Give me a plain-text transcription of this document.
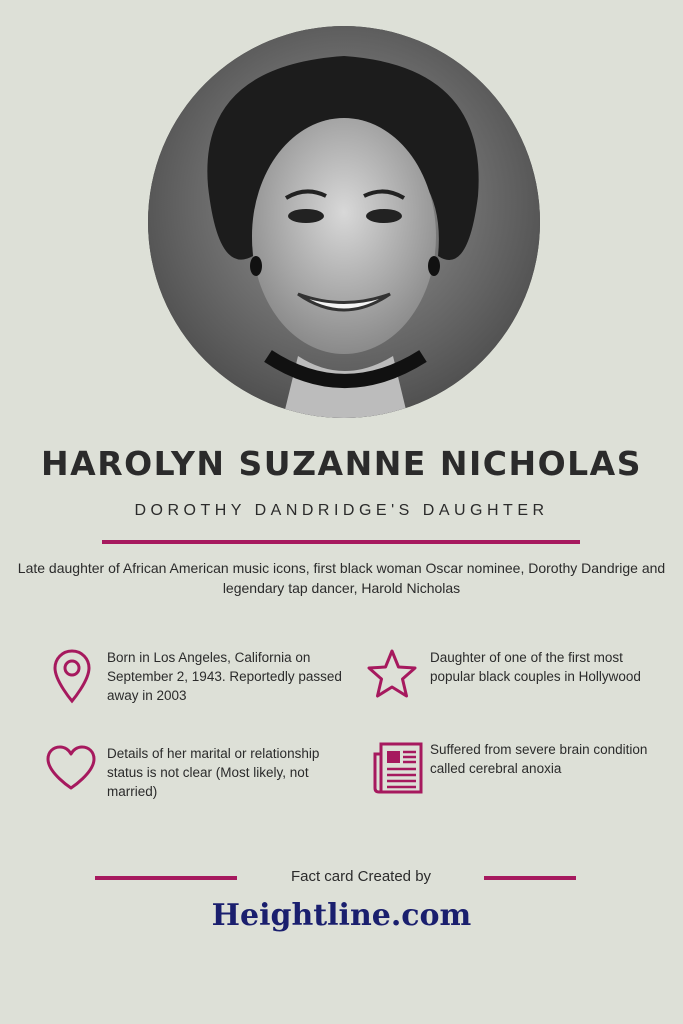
HAROLYN SUZANNE NICHOLAS
DOROTHY DANDRIDGE'S DAUGHTER
Late daughter of African American music icons, first black woman Oscar nominee, Dorothy Dandrige and legendary tap dancer, Harold Nicholas
Born in Los Angeles, California on September 2, 1943. Reportedly passed away in 2003
Daughter of one of the first most popular black couples in Hollywood
Details of her marital or relationship status is not clear (Most likely, not married)
Suffered from severe brain condition called cerebral anoxia
Fact card Created by
Heightline.com
